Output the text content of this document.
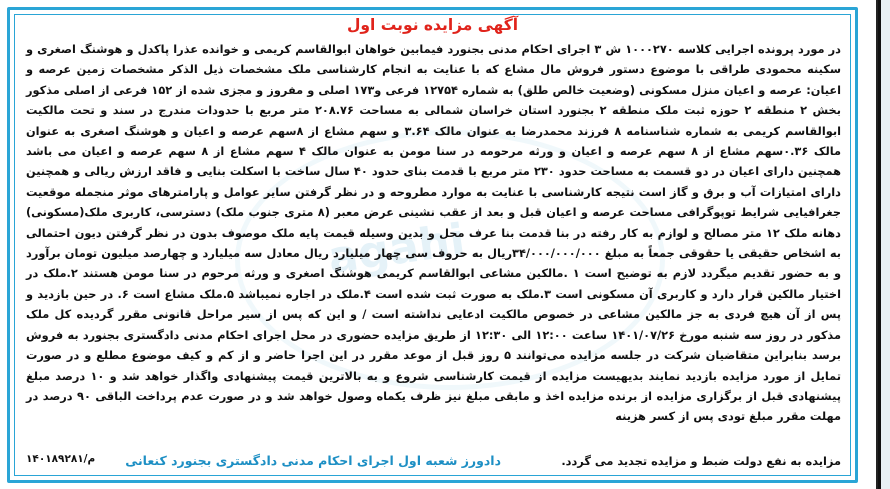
agahi
آگهی مزایده نوبت اول
در مورد پرونده اجرایی کلاسه ۱۰۰۰۲۷۰ ش ۳ اجرای احکام مدنی بجنورد فیمابین خواهان ابوالقاسم کریمی و خوانده عذرا پاکدل و هوشنگ اصغری و سکینه محمودی طراقی با موضوع دستور فروش مال مشاع که با عنایت به انجام کارشناسی ملک مشخصات ذیل الذکر مشخصات زمین عرصه و اعیان: عرصه و اعیان منزل مسکونی (وضعیت خالص طلق) به شماره ۱۲۷۵۴ فرعی و۱۷۳ اصلی و مفروز و مجزی شده از ۱۵۲ فرعی از اصلی مذکور بخش ۲ منطقه ۲ حوزه ثبت ملک منطقه ۲ بجنورد استان خراسان شمالی به مساحت ۲۰۸.۷۶ متر مربع با حدودات مندرج در سند و تحت مالکیت ابوالقاسم کریمی به شماره شناسنامه ۸ فرزند محمدرضا به عنوان مالک ۳.۶۴ و سهم مشاع از ۸سهم عرصه و اعیان و هوشنگ اصغری به عنوان مالک ۰.۳۶سهم مشاع از ۸ سهم عرصه و اعیان و ورثه مرحومه در سنا مومن به عنوان مالک ۴ سهم مشاع از ۸ سهم عرصه و اعیان می باشد همچنین دارای اعیان در دو قسمت به مساحت حدود ۲۳۰ متر مربع با قدمت بنای حدود ۴۰ سال ساخت با اسکلت بنایی و فاقد ارزش ریالی و همچنین دارای امتیازات آب و برق و گاز است نتیجه کارشناسی با عنایت به موارد مطروحه و در نظر گرفتن سایر عوامل و پارامترهای موثر منجمله موقعیت جغرافیایی شرایط توپوگرافی مساحت عرصه و اعیان قبل و بعد از عقب نشینی عرض معبر (۸ متری جنوب ملک) دسترسی، کاربری ملک(مسکونی) دهانه ملک ۱۲ متر مصالح و لوازم به کار رفته در بنا قدمت بنا عرف محل و بدین وسیله قیمت پایه ملک موصوف بدون در نظر گرفتن دیون احتمالی به اشخاص حقیقی یا حقوقی جمعاً به مبلغ ۳۴/۰۰۰/۰۰۰/۰۰۰ریال به حروف سی چهار میلیارد ریال معادل سه میلیارد و چهارصد میلیون تومان برآورد و به حضور تقدیم میگردد لازم به توضیح است ۱ .مالکین مشاعی ابوالقاسم کریمی هوشنگ اصغری و ورثه مرحوم در سنا مومن هستند ۲.ملک در اختیار مالکین قرار دارد و کاربری آن مسکونی است ۳.ملک به صورت ثبت شده است ۴.ملک در اجاره نمیباشد ۵.ملک مشاع است ۶. در حین بازدید و پس از آن هیچ فردی به جز مالکین مشاعی در خصوص مالکیت ادعایی نداشته است / و این که پس از سیر مراحل قانونی مقرر گردیده کل ملک مذکور در روز سه شنبه مورخ ۱۴۰۱/۰۷/۲۶ ساعت ۱۲:۰۰ الی ۱۲:۳۰ از طریق مزایده حضوری در محل اجرای احکام مدنی دادگستری بجنورد به فروش برسد بنابراین متقاضیان شرکت در جلسه مزایده می‌توانند ۵ روز قبل از موعد مقرر در این اجرا حاضر و از کم و کیف موضوع مطلع و در صورت تمایل از مورد مزایده بازدید نمایند بدیهیست مزایده از قیمت کارشناسی شروع و به بالاترین قیمت پیشنهادی واگذار خواهد شد و ۱۰ درصد مبلغ پیشنهادی قبل از برگزاری مزایده از برنده مزایده اخذ و مابقی مبلغ نیز ظرف یکماه وصول خواهد شد و در صورت عدم پرداخت الباقی ۹۰ درصد در مهلت مقرر مبلغ تودی پس از کسر هزینه
مزایده به نفع دولت ضبط و مزایده تجدید می گردد.
دادورز شعبه اول اجرای احکام مدنی دادگستری بجنورد کنعانی
۱۴۰۱۸۹۲۸۱/م
